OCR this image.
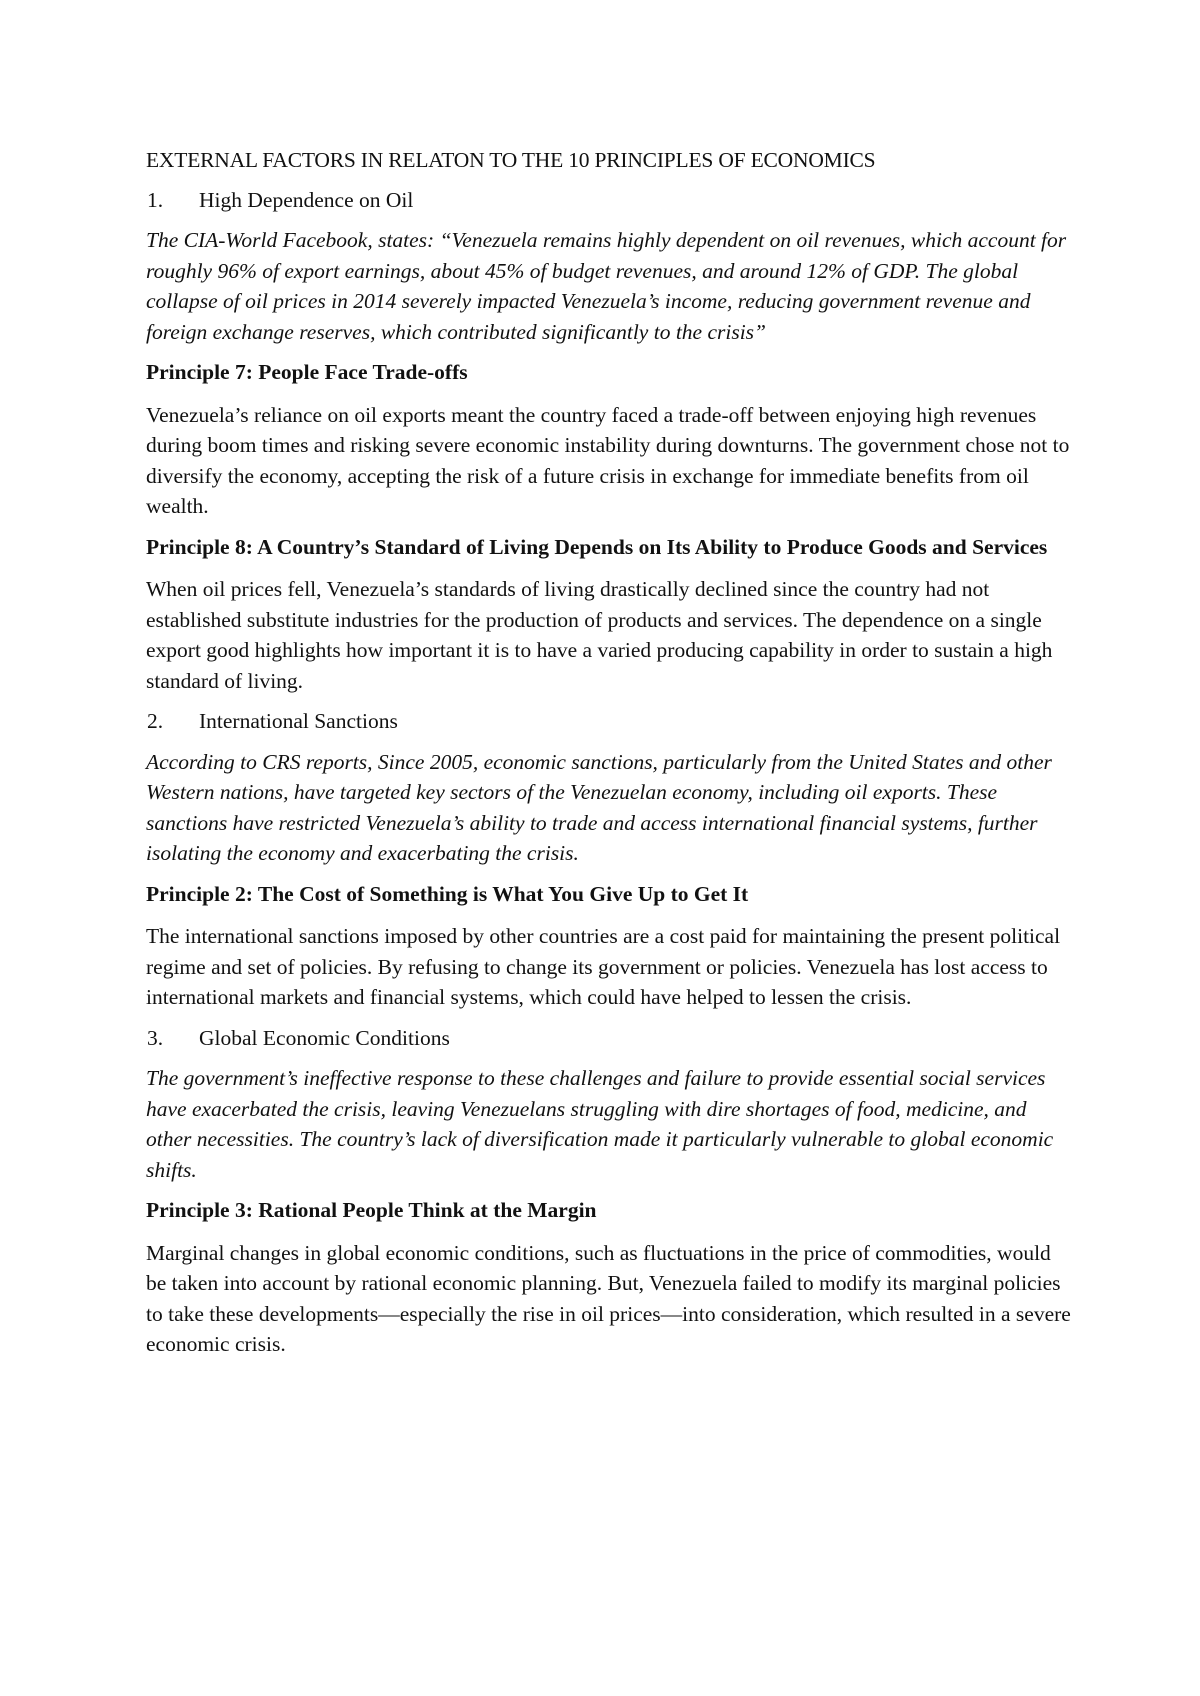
EXTERNAL FACTORS IN RELATON TO THE 10 PRINCIPLES OF ECONOMICS

1.	High Dependence on Oil

The CIA-World Facebook, states: “Venezuela remains highly dependent on oil revenues, which account for roughly 96% of export earnings, about 45% of budget revenues, and around 12% of GDP. The global collapse of oil prices in 2014 severely impacted Venezuela’s income, reducing government revenue and foreign exchange reserves, which contributed significantly to the crisis”

Principle 7: People Face Trade-offs

Venezuela’s reliance on oil exports meant the country faced a trade-off between enjoying high revenues during boom times and risking severe economic instability during downturns. The government chose not to diversify the economy, accepting the risk of a future crisis in exchange for immediate benefits from oil wealth.

Principle 8: A Country’s Standard of Living Depends on Its Ability to Produce Goods and Services

When oil prices fell, Venezuela’s standards of living drastically declined since the country had not established substitute industries for the production of products and services. The dependence on a single export good highlights how important it is to have a varied producing capability in order to sustain a high standard of living.

2.	International Sanctions

According to CRS reports, Since 2005, economic sanctions, particularly from the United States and other Western nations, have targeted key sectors of the Venezuelan economy, including oil exports. These sanctions have restricted Venezuela’s ability to trade and access international financial systems, further isolating the economy and exacerbating the crisis.

Principle 2: The Cost of Something is What You Give Up to Get It

The international sanctions imposed by other countries are a cost paid for maintaining the present political regime and set of policies. By refusing to change its government or policies. Venezuela has lost access to international markets and financial systems, which could have helped to lessen the crisis.

3.	Global Economic Conditions

The government’s ineffective response to these challenges and failure to provide essential social services have exacerbated the crisis, leaving Venezuelans struggling with dire shortages of food, medicine, and other necessities. The country’s lack of diversification made it particularly vulnerable to global economic shifts.

Principle 3: Rational People Think at the Margin

Marginal changes in global economic conditions, such as fluctuations in the price of commodities, would be taken into account by rational economic planning. But, Venezuela failed to modify its marginal policies to take these developments—especially the rise in oil prices—into consideration, which resulted in a severe economic crisis.
